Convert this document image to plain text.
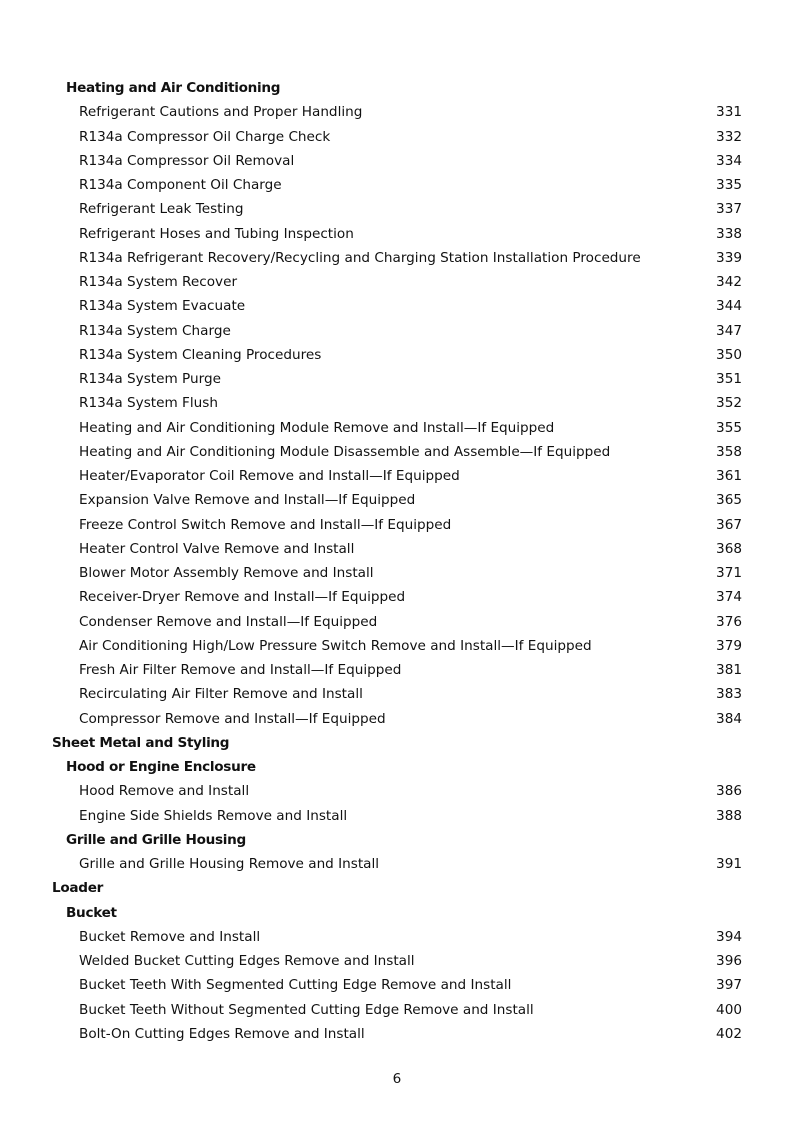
Heating and Air Conditioning
Refrigerant Cautions and Proper Handling	331
R134a Compressor Oil Charge Check	332
R134a Compressor Oil Removal	334
R134a Component Oil Charge	335
Refrigerant Leak Testing	337
Refrigerant Hoses and Tubing Inspection	338
R134a Refrigerant Recovery/Recycling and Charging Station Installation Procedure	339
R134a System Recover	342
R134a System Evacuate	344
R134a System Charge	347
R134a System Cleaning Procedures	350
R134a System Purge	351
R134a System Flush	352
Heating and Air Conditioning Module Remove and Install—If Equipped	355
Heating and Air Conditioning Module Disassemble and Assemble—If Equipped	358
Heater/Evaporator Coil Remove and Install—If Equipped	361
Expansion Valve Remove and Install—If Equipped	365
Freeze Control Switch Remove and Install—If Equipped	367
Heater Control Valve Remove and Install	368
Blower Motor Assembly Remove and Install	371
Receiver-Dryer Remove and Install—If Equipped	374
Condenser Remove and Install—If Equipped	376
Air Conditioning High/Low Pressure Switch Remove and Install—If Equipped	379
Fresh Air Filter Remove and Install—If Equipped	381
Recirculating Air Filter Remove and Install	383
Compressor Remove and Install—If Equipped	384
Sheet Metal and Styling
Hood or Engine Enclosure
Hood Remove and Install	386
Engine Side Shields Remove and Install	388
Grille and Grille Housing
Grille and Grille Housing Remove and Install	391
Loader
Bucket
Bucket Remove and Install	394
Welded Bucket Cutting Edges Remove and Install	396
Bucket Teeth With Segmented Cutting Edge Remove and Install	397
Bucket Teeth Without Segmented Cutting Edge Remove and Install	400
Bolt-On Cutting Edges Remove and Install	402
6
